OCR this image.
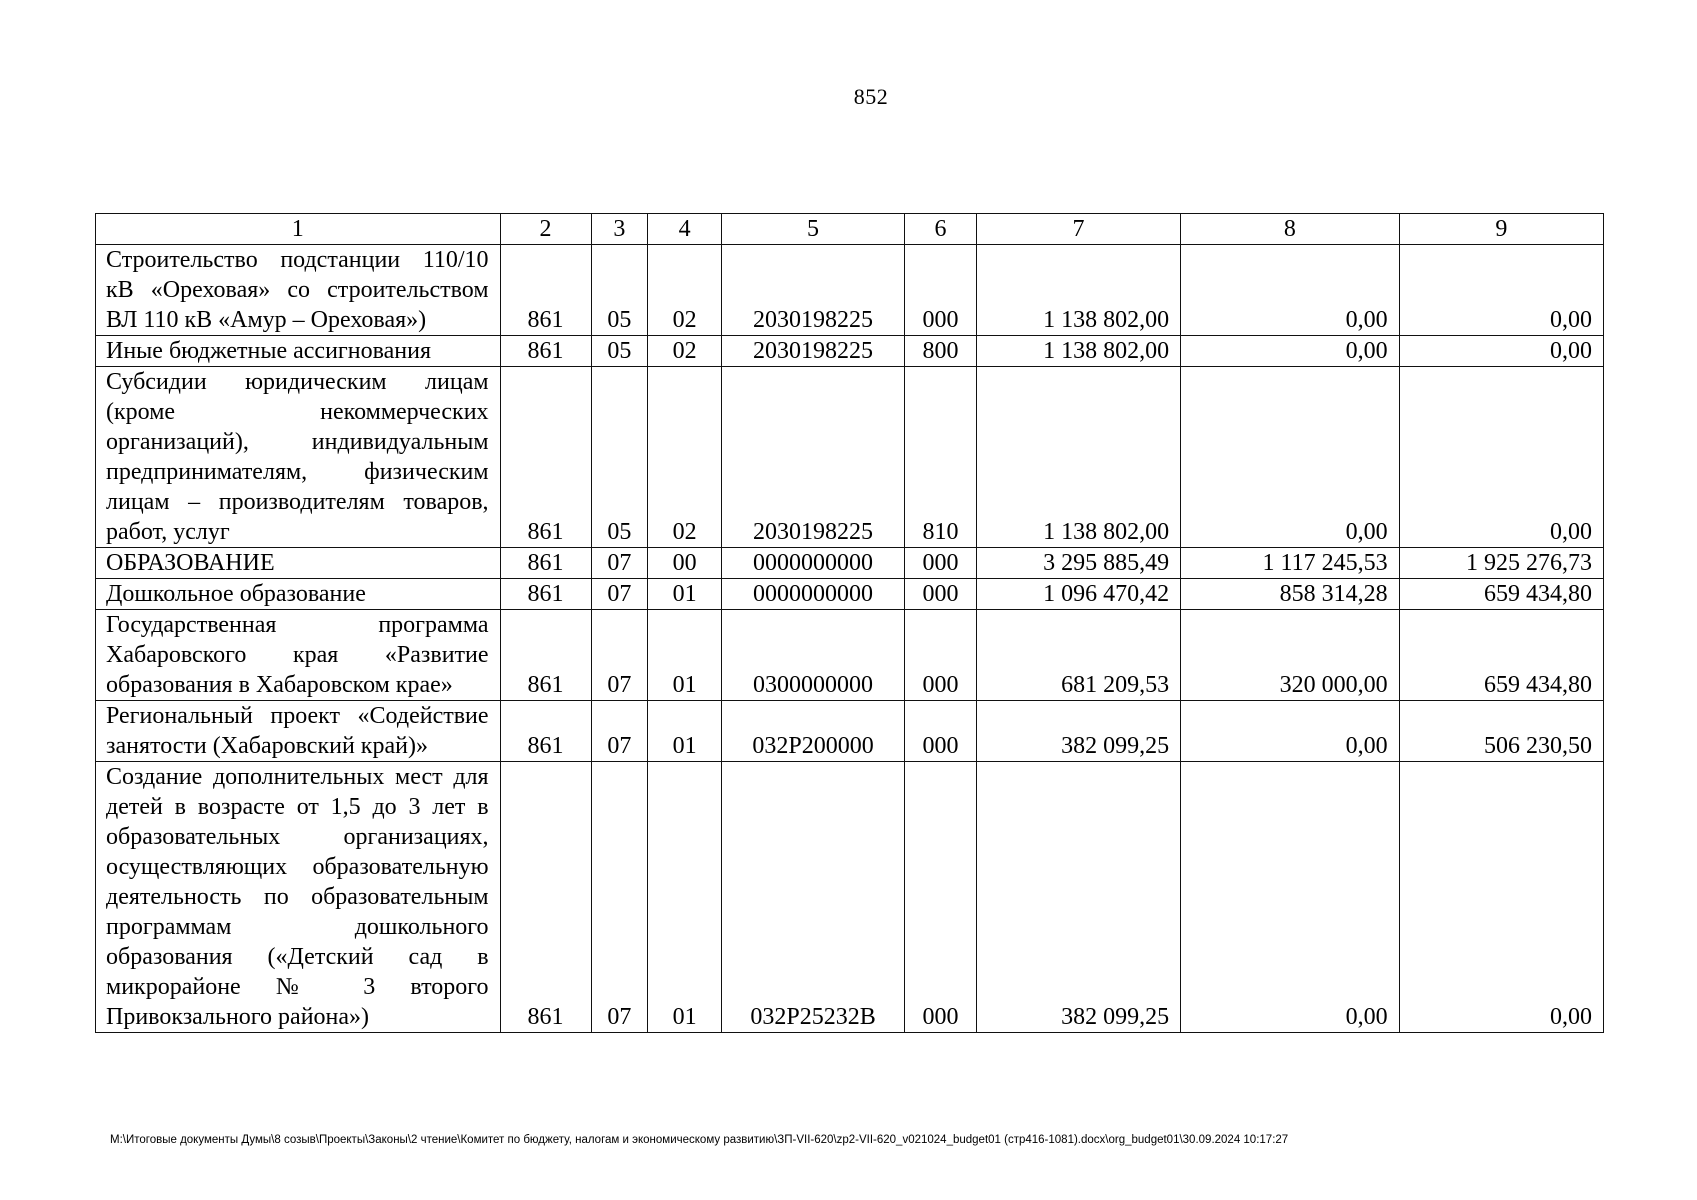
852
1	2	3	4	5	6	7	8	9
Строительство подстанции 110/10 кВ «Ореховая» со строительством ВЛ 110 кВ «Амур – Ореховая»)	861	05	02	2030198225	000	1 138 802,00	0,00	0,00
Иные бюджетные ассигнования	861	05	02	2030198225	800	1 138 802,00	0,00	0,00
Субсидии юридическим лицам (кроме некоммерческих организаций), индивидуальным предпринимателям, физическим лицам – производителям товаров, работ, услуг	861	05	02	2030198225	810	1 138 802,00	0,00	0,00
ОБРАЗОВАНИЕ	861	07	00	0000000000	000	3 295 885,49	1 117 245,53	1 925 276,73
Дошкольное образование	861	07	01	0000000000	000	1 096 470,42	858 314,28	659 434,80
Государственная программа Хабаровского края «Развитие образования в Хабаровском крае»	861	07	01	0300000000	000	681 209,53	320 000,00	659 434,80
Региональный проект «Содействие занятости (Хабаровский край)»	861	07	01	032P200000	000	382 099,25	0,00	506 230,50
Создание дополнительных мест для детей в возрасте от 1,5 до 3 лет в образовательных организациях, осуществляющих образовательную деятельность по образовательным программам дошкольного образования («Детский сад в микрорайоне № 3 второго Привокзального района»)	861	07	01	032P25232B	000	382 099,25	0,00	0,00
M:\Итоговые документы Думы\8 созыв\Проекты\Законы\2 чтение\Комитет по бюджету, налогам и экономическому развитию\ЗП-VII-620\zp2-VII-620_v021024_budget01 (стр416-1081).docx\org_budget01\30.09.2024 10:17:27
